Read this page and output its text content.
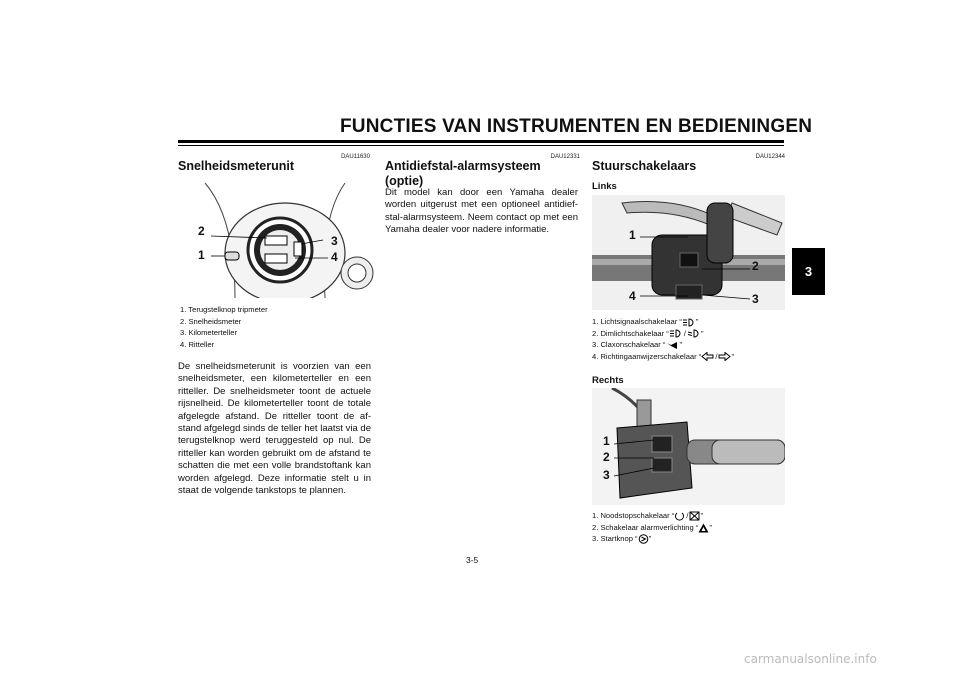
FUNCTIES VAN INSTRUMENTEN EN BEDIENINGEN
3
DAU11630
Snelheidsmeterunit
2
1
3
4
1. Terugstelknop tripmeter
2. Snelheidsmeter
3. Kilometerteller
4. Ritteller
De snelheidsmeterunit is voorzien van een snelheidsmeter, een kilometerteller en een ritteller. De snelheidsmeter toont de actuele rijsnelheid. De kilometerteller toont de totale afgelegde afstand. De ritteller toont de afstand afgelegd sinds de teller het laatst via de terugstelknop werd teruggesteld op nul. De ritteller kan worden gebruikt om de afstand te schatten die met een volle brandstoftank kan worden afgelegd. Deze informatie stelt u in staat de volgende tankstops te plannen.
DAU12331
Antidiefstal-alarmsysteem
(optie)
Dit model kan door een Yamaha dealer worden uitgerust met een optioneel antidiefstal-alarmsysteem. Neem contact op met een Yamaha dealer voor nadere informatie.
DAU12344
Stuurschakelaars
Links
1
2
3
4
1. Lichtsignaalschakelaar “ ”
2. Dimlichtschakelaar “ / ”
3. Claxonschakelaar “ ”
4. Richtingaanwijzerschakelaar “ / ”
Rechts
1
2
3
1. Noodstopschakelaar “ / ”
2. Schakelaar alarmverlichting “ ”
3. Startknop “ ”
3-5
carmanualsonline.info
